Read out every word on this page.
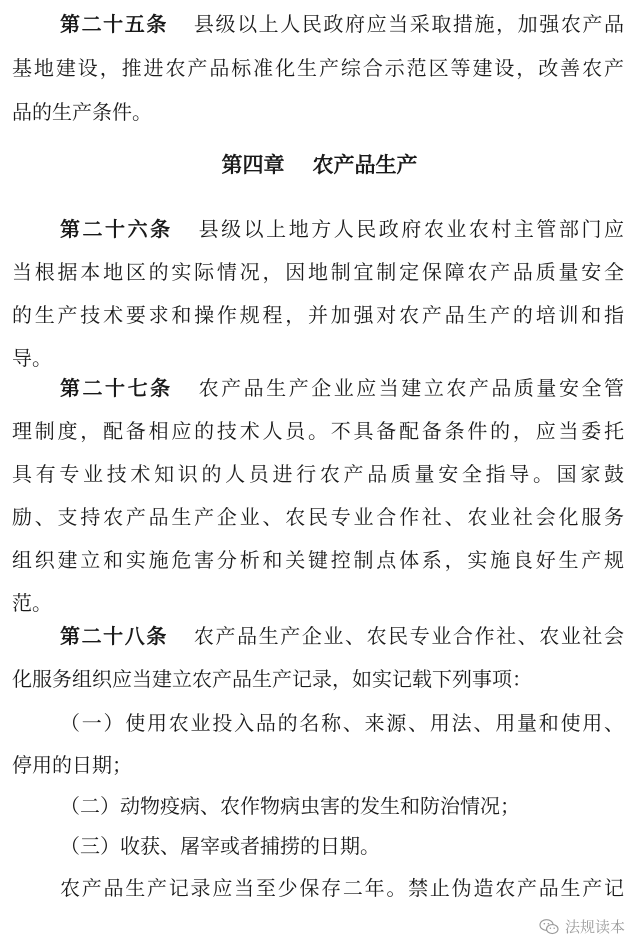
第二十五条 县级以上人民政府应当采取措施，加强农产品
基地建设，推进农产品标准化生产综合示范区等建设，改善农产
品的生产条件。
第四章 农产品生产
第二十六条 县级以上地方人民政府农业农村主管部门应
当根据本地区的实际情况，因地制宜制定保障农产品质量安全
的生产技术要求和操作规程，并加强对农产品生产的培训和指
导。
第二十七条 农产品生产企业应当建立农产品质量安全管
理制度，配备相应的技术人员。不具备配备条件的，应当委托
具有专业技术知识的人员进行农产品质量安全指导。国家鼓
励、支持农产品生产企业、农民专业合作社、农业社会化服务
组织建立和实施危害分析和关键控制点体系，实施良好生产规
范。
第二十八条 农产品生产企业、农民专业合作社、农业社会
化服务组织应当建立农产品生产记录，如实记载下列事项：
（一）使用农业投入品的名称、来源、用法、用量和使用、
停用的日期；
（二）动物疫病、农作物病虫害的发生和防治情况；
（三）收获、屠宰或者捕捞的日期。
农产品生产记录应当至少保存二年。禁止伪造农产品生产记
法规读本
